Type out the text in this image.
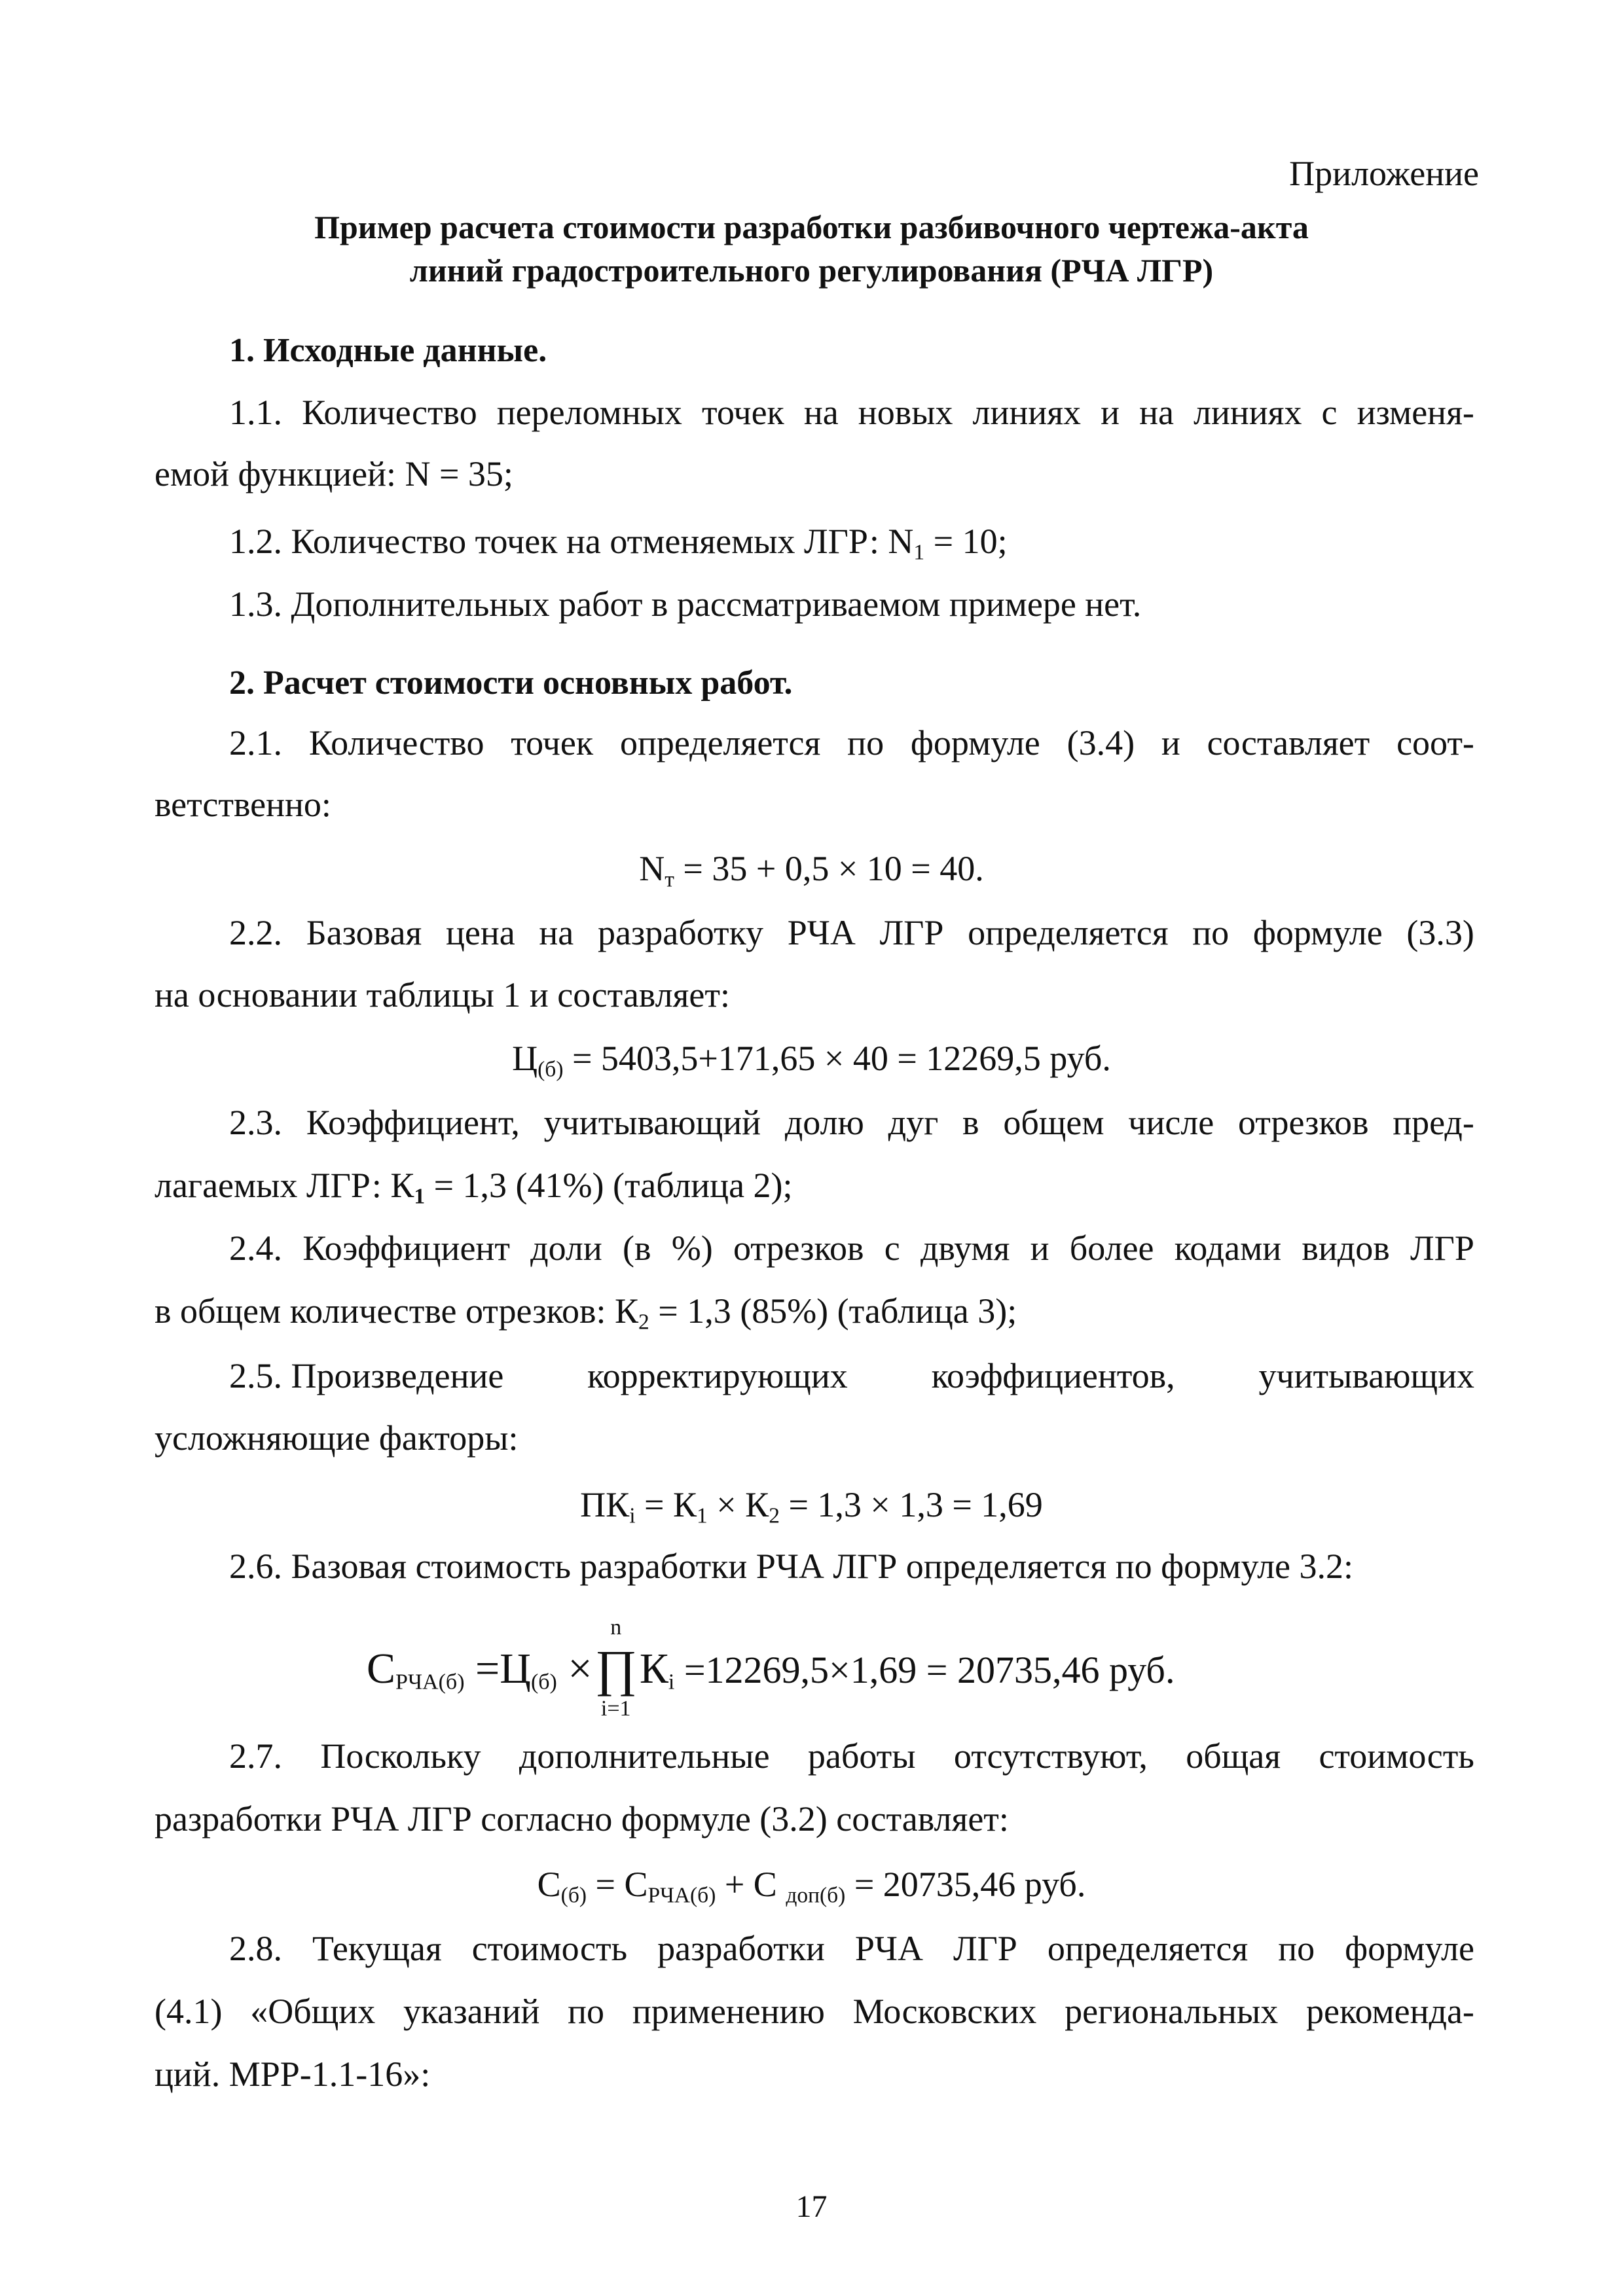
Приложение
Пример расчета стоимости разработки разбивочного чертежа-акта
линий градостроительного регулирования (РЧА ЛГР)
1. Исходные данные.
1.1. Количество переломных точек на новых линиях и на линиях с изменя-
емой функцией: N = 35;
1.2. Количество точек на отменяемых ЛГР: $N_1 = 10$;
1.3. Дополнительных работ в рассматриваемом примере нет.
2. Расчет стоимости основных работ.
2.1. Количество точек определяется по формуле (3.4) и составляет соот-
ветственно:
$N_т = 35 + 0,5 \times 10 = 40$.
2.2. Базовая цена на разработку РЧА ЛГР определяется по формуле (3.3)
на основании таблицы 1 и составляет:
$Ц_{(б)} = 5403,5+171,65 \times 40 = 12269,5$ руб.
2.3. Коэффициент, учитывающий долю дуг в общем числе отрезков пред-
лагаемых ЛГР: $К_1 = 1,3$ (41%) (таблица 2);
2.4. Коэффициент доли (в %) отрезков с двумя и более кодами видов ЛГР
в общем количестве отрезков: $К_2 = 1,3$ (85%) (таблица 3);
2.5. Произведение корректирующих коэффициентов, учитывающих
усложняющие факторы:
$ПК_i = К_1 \times К_2 = 1,3 \times 1,3 = 1,69$
2.6. Базовая стоимость разработки РЧА ЛГР определяется по формуле 3.2:
$С_{РЧА(б)} =Ц_{(б)}$ ×
n
∏
i=1
$К_i =12269,5\times 1,69 = 20735,46$ руб.
2.7. Поскольку дополнительные работы отсутствуют, общая стоимость
разработки РЧА ЛГР согласно формуле (3.2) составляет:
$С_{(б)} = С_{РЧА(б)} + С$ $_{доп(б)}$ = 20735,46 руб.
2.8. Текущая стоимость разработки РЧА ЛГР определяется по формуле
(4.1) «Общих указаний по применению Московских региональных рекоменда-
ций. МРР-1.1-16»:
17
